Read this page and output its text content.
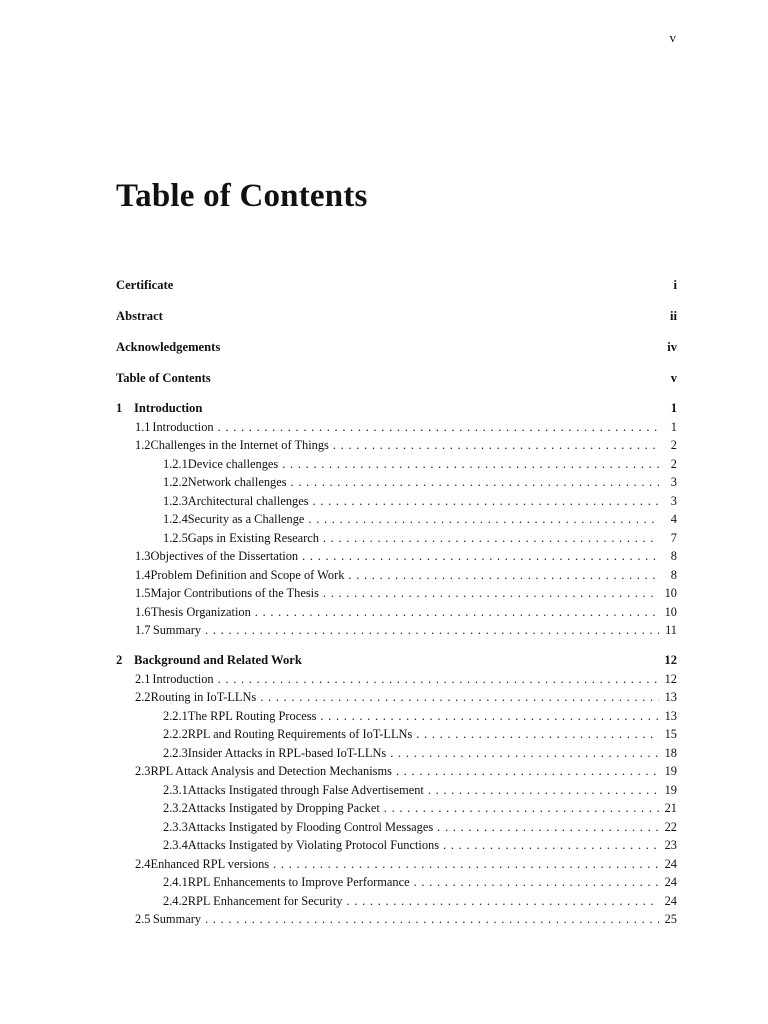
v
Table of Contents
Certificate	i
Abstract	ii
Acknowledgements	iv
Table of Contents	v
1 Introduction	1
1.1 Introduction . . .	1
1.2 Challenges in the Internet of Things . . .	2
1.2.1 Device challenges . . .	2
1.2.2 Network challenges . . .	3
1.2.3 Architectural challenges . . .	3
1.2.4 Security as a Challenge . . .	4
1.2.5 Gaps in Existing Research . . .	7
1.3 Objectives of the Dissertation . . .	8
1.4 Problem Definition and Scope of Work . . .	8
1.5 Major Contributions of the Thesis . . .	10
1.6 Thesis Organization . . .	10
1.7 Summary . . .	11
2 Background and Related Work	12
2.1 Introduction . . .	12
2.2 Routing in IoT-LLNs . . .	13
2.2.1 The RPL Routing Process . . .	13
2.2.2 RPL and Routing Requirements of IoT-LLNs . . .	15
2.2.3 Insider Attacks in RPL-based IoT-LLNs . . .	18
2.3 RPL Attack Analysis and Detection Mechanisms . . .	19
2.3.1 Attacks Instigated through False Advertisement . . .	19
2.3.2 Attacks Instigated by Dropping Packet . . .	21
2.3.3 Attacks Instigated by Flooding Control Messages . . .	22
2.3.4 Attacks Instigated by Violating Protocol Functions . . .	23
2.4 Enhanced RPL versions . . .	24
2.4.1 RPL Enhancements to Improve Performance . . .	24
2.4.2 RPL Enhancement for Security . . .	24
2.5 Summary . . .	25
